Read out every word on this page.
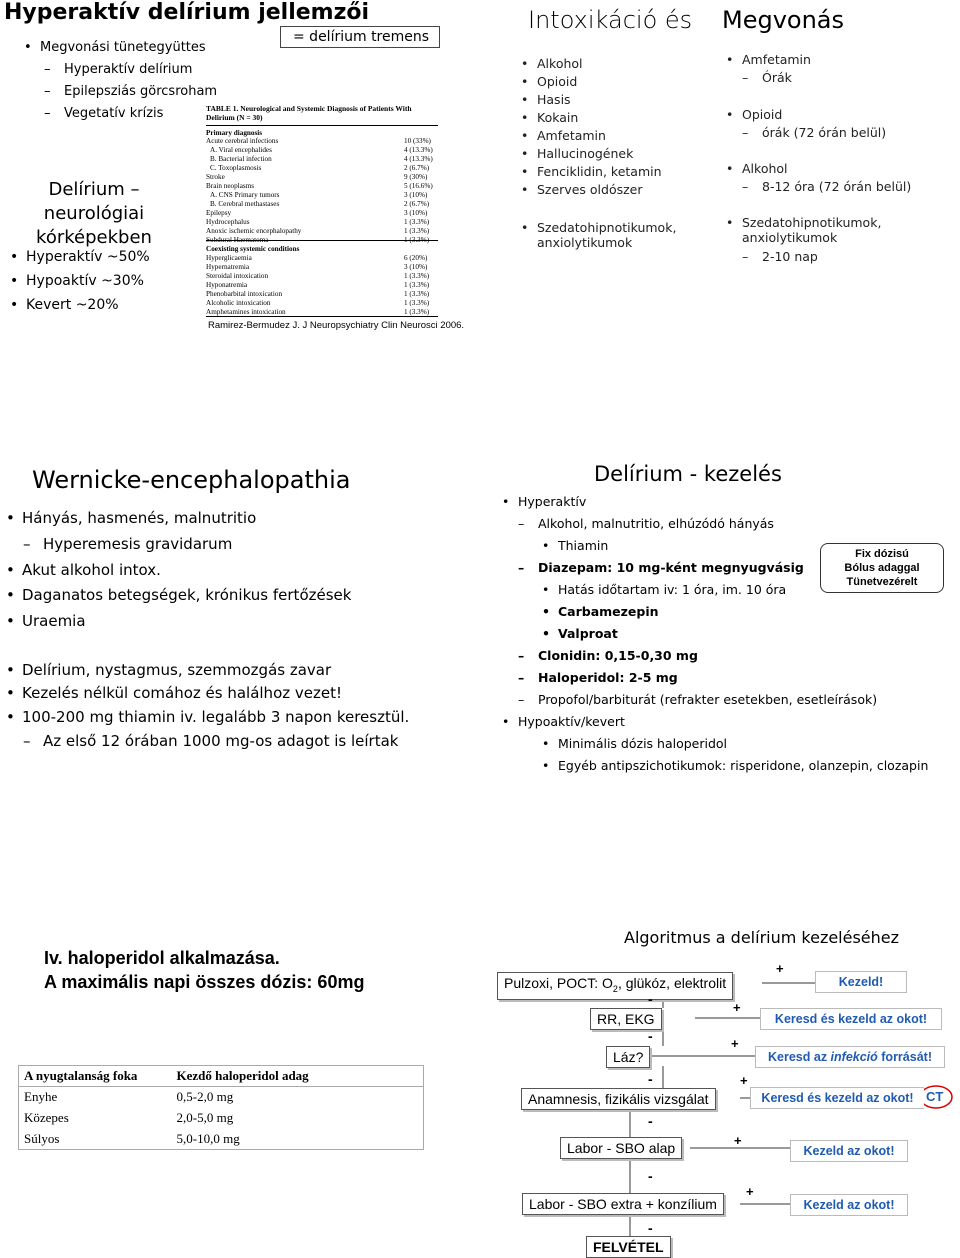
Hyperaktív delírium jellemzői
= delírium tremens
• Megvonási tünetegyüttes
– Hyperaktív delírium
– Epilepsziás görcsroham
– Vegetatív krízis
Delírium – neurológiai kórképekben
• Hyperaktív ~50%
• Hypoaktív ~30%
• Kevert ~20%
TABLE 1. Neurological and Systemic Diagnosis of Patients With
Delirium (N = 30)
Primary diagnosis
Acute cerebral infections	10 (33%)
A. Viral encephalides	4 (13.3%)
B. Bacterial infection	4 (13.3%)
C. Toxoplasmosis	2 (6.7%)
Stroke	9 (30%)
Brain neoplasms	5 (16.6%)
A. CNS Primary tumors	3 (10%)
B. Cerebral methastases	2 (6.7%)
Epilepsy	3 (10%)
Hydrocephalus	1 (3.3%)
Anoxic ischemic encephalopathy	1 (3.3%)
Subdural Haematoma	1 (3.3%)
Coexisting systemic conditions
Hyperglicaemia	6 (20%)
Hypernatremia	3 (10%)
Steroidal intoxication	1 (3.3%)
Hyponatremia	1 (3.3%)
Phenobarbital intoxication	1 (3.3%)
Alcoholic intoxication	1 (3.3%)
Amphetamines intoxication	1 (3.3%)
Ramirez-Bermudez J. J Neuropsychiatry Clin Neurosci 2006.
Intoxikáció és Megvonás
• Alkohol
• Opioid
• Hasis
• Kokain
• Amfetamin
• Hallucinogének
• Fenciklidin, ketamin
• Szerves oldószer
• Szedatohipnotikumok, anxiolytikumok
• Amfetamin
– Órák
• Opioid
– órák (72 órán belül)
• Alkohol
– 8-12 óra (72 órán belül)
• Szedatohipnotikumok, anxiolytikumok
– 2-10 nap
Wernicke-encephalopathia
• Hányás, hasmenés, malnutritio
– Hyperemesis gravidarum
• Akut alkohol intox.
• Daganatos betegségek, krónikus fertőzések
• Uraemia
• Delírium, nystagmus, szemmozgás zavar
• Kezelés nélkül comához és halálhoz vezet!
• 100-200 mg thiamin iv. legalább 3 napon keresztül.
– Az első 12 órában 1000 mg-os adagot is leírtak
Delírium - kezelés
• Hyperaktív
– Alkohol, malnutritio, elhúzódó hányás
• Thiamin
– Diazepam: 10 mg-ként megnyugvásig
• Hatás időtartam iv: 1 óra, im. 10 óra
• Carbamezepin
• Valproat
– Clonidin: 0,15-0,30 mg
– Haloperidol: 2-5 mg
– Propofol/barbiturát (refrakter esetekben, esetleírások)
• Hypoaktív/kevert
• Minimális dózis haloperidol
• Egyéb antipszichotikumok: risperidone, olanzepin, clozapin
Fix dózisú
Bólus adaggal
Tünetvezérelt
Iv. haloperidol alkalmazása.
A maximális napi összes dózis: 60mg
A nyugtalanság foka	Kezdő haloperidol adag
Enyhe	0,5-2,0 mg
Közepes	2,0-5,0 mg
Súlyos	5,0-10,0 mg
Algoritmus a delírium kezeléséhez
Pulzoxi, POCT: $O_2$, glükóz, elektrolit
RR, EKG
Láz?
Anamnesis, fizikális vizsgálat
Labor - SBO alap
Labor - SBO extra + konzílium
FELVÉTEL
Kezeld!
Keresd és kezeld az okot!
Keresd az infekció forrását!
Keresd és kezeld az okot! CT
Kezeld az okot!
Kezeld az okot!
+
+
+
+
+
+
-
-
-
-
-
-
